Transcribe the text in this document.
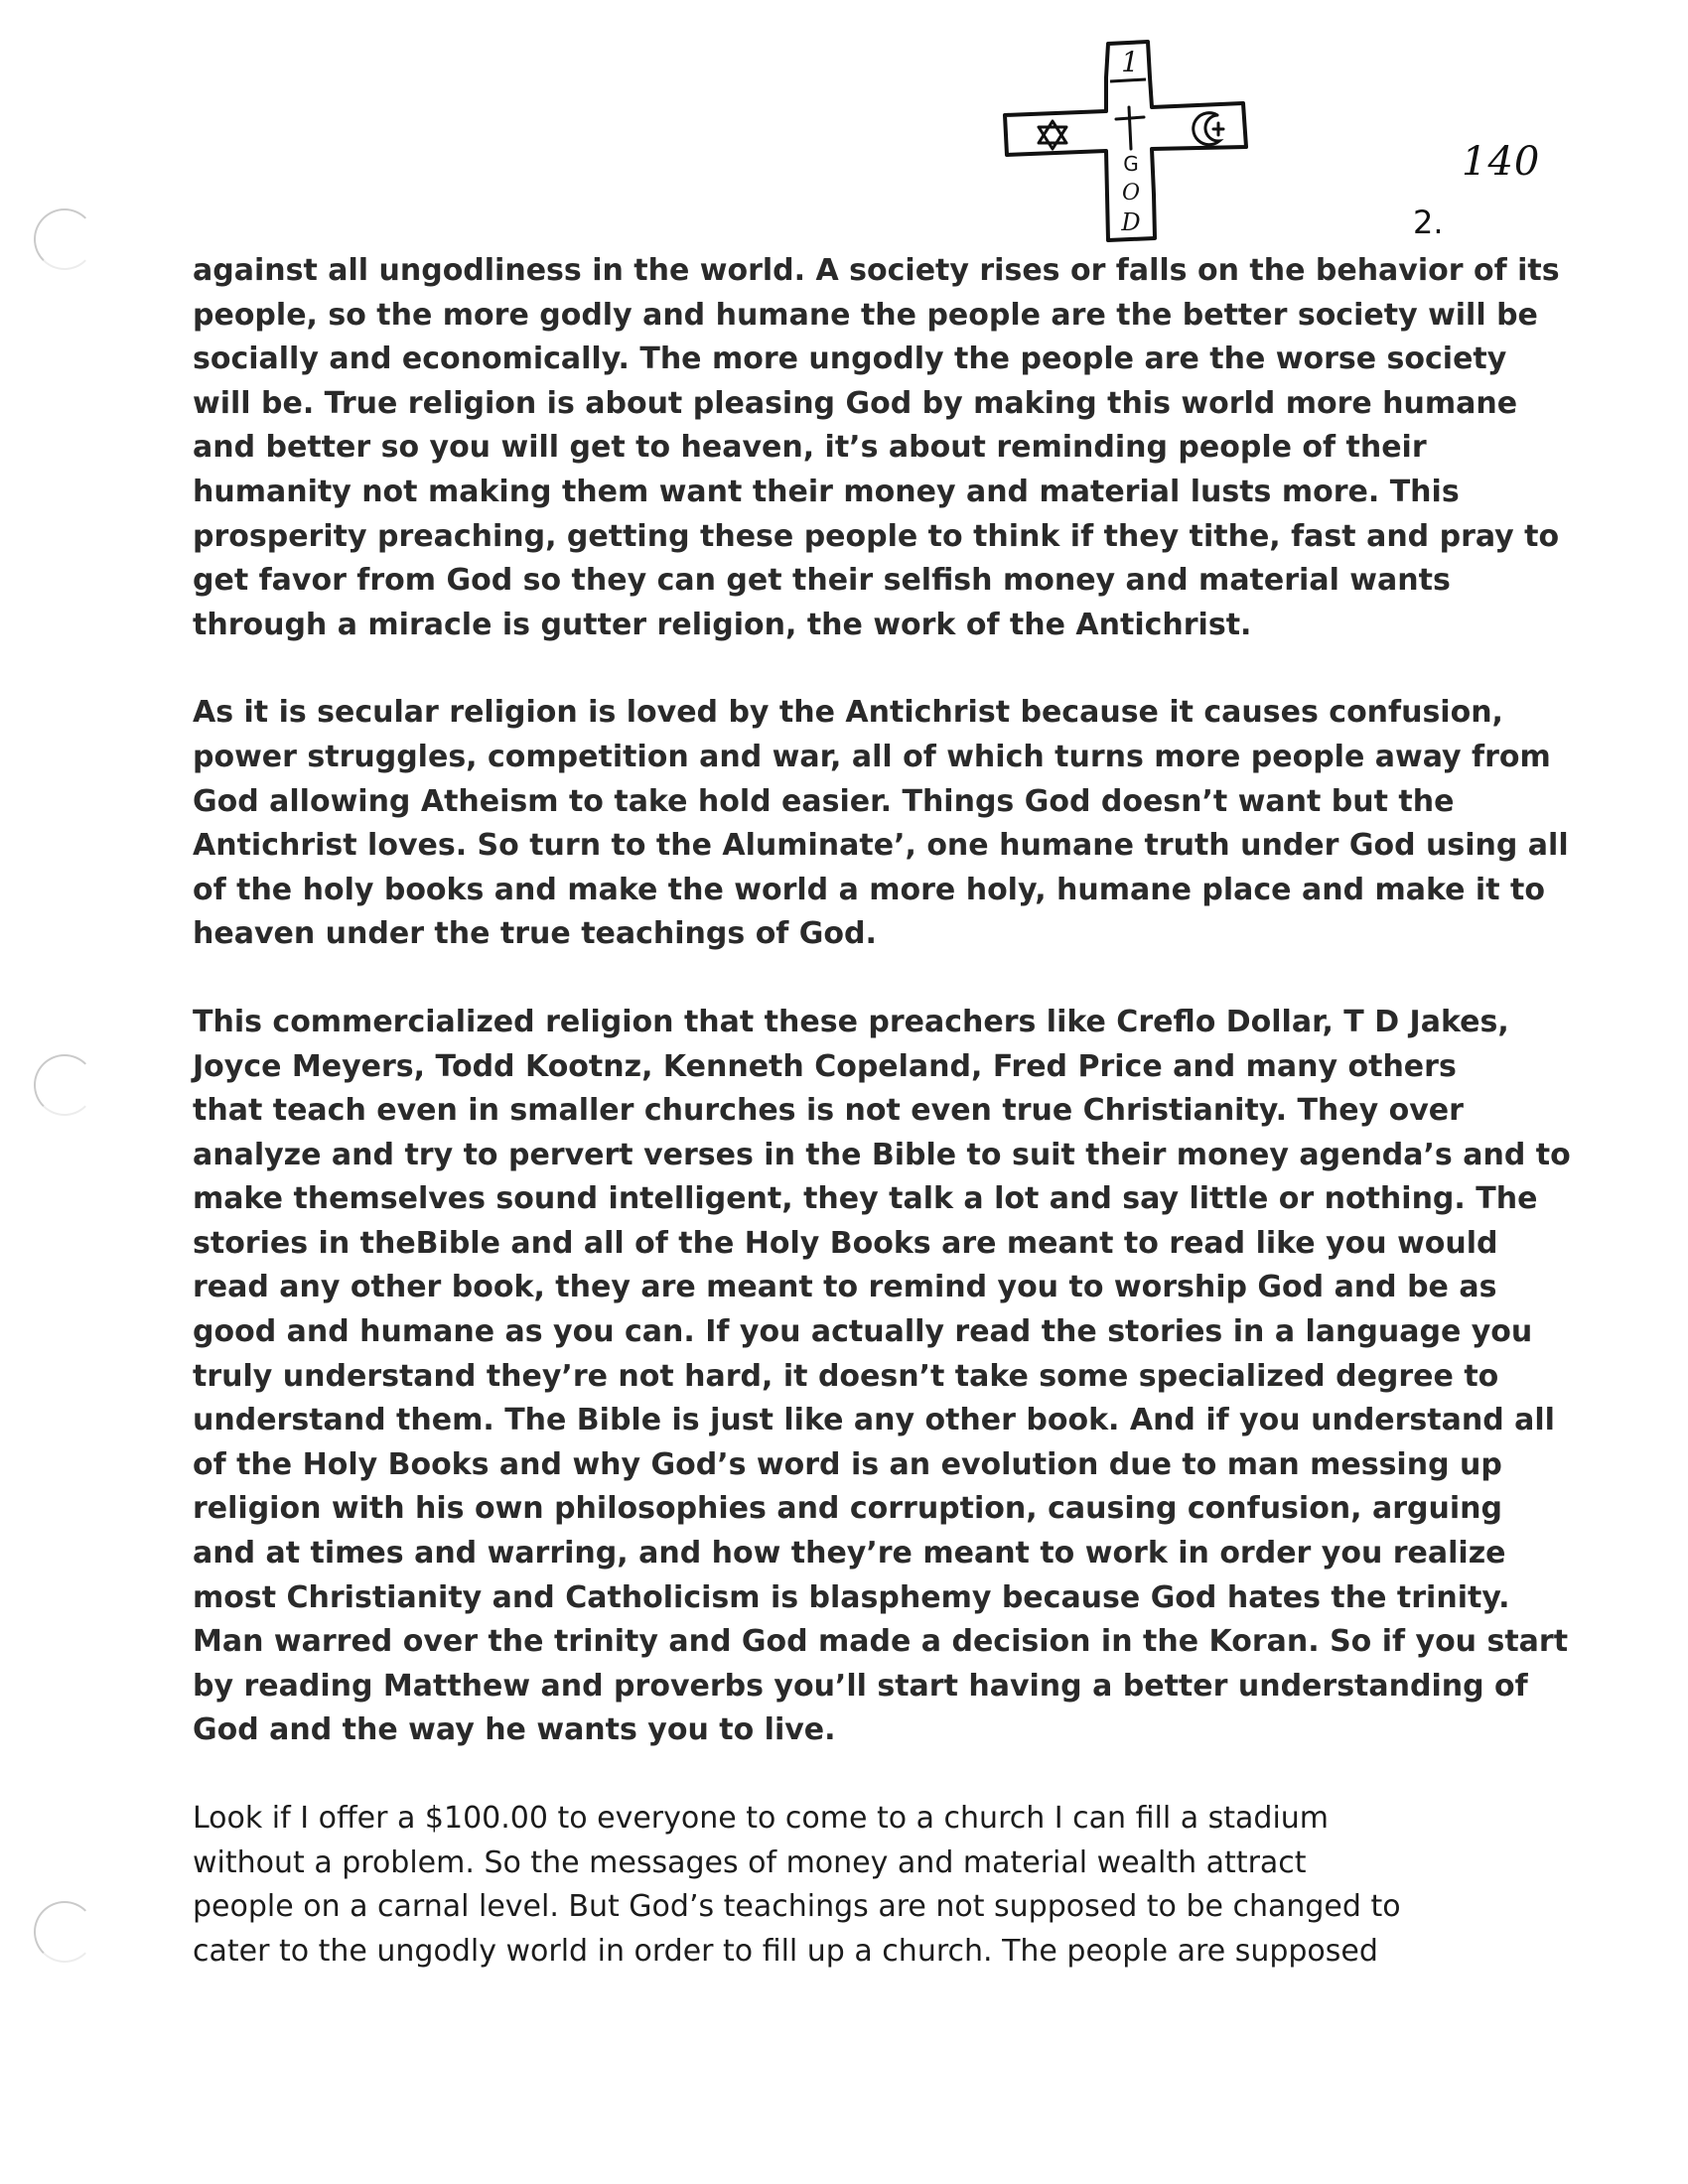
1
G
O
D
140
2.

against all ungodliness in the world. A society rises or falls on the behavior of its
people, so the more godly and humane the people are the better society will be
socially and economically. The more ungodly the people are the worse society
will be. True religion is about pleasing God by making this world more humane
and better so you will get to heaven, it’s about reminding people of their
humanity not making them want their money and material lusts more. This
prosperity preaching, getting these people to think if they tithe, fast and pray to
get favor from God so they can get their selfish money and material wants
through a miracle is gutter religion, the work of the Antichrist.

As it is secular religion is loved by the Antichrist because it causes confusion,
power struggles, competition and war, all of which turns more people away from
God allowing Atheism to take hold easier. Things God doesn’t want but the
Antichrist loves. So turn to the Aluminate’, one humane truth under God using all
of the holy books and make the world a more holy, humane place and make it to
heaven under the true teachings of God.

This commercialized religion that these preachers like Creflo Dollar, T D Jakes,
Joyce Meyers, Todd Kootnz, Kenneth Copeland, Fred Price and many others
that teach even in smaller churches is not even true Christianity. They over
analyze and try to pervert verses in the Bible to suit their money agenda’s and to
make themselves sound intelligent, they talk a lot and say little or nothing. The
stories in theBible and all of the Holy Books are meant to read like you would
read any other book, they are meant to remind you to worship God and be as
good and humane as you can. If you actually read the stories in a language you
truly understand they’re not hard, it doesn’t take some specialized degree to
understand them. The Bible is just like any other book. And if you understand all
of the Holy Books and why God’s word is an evolution due to man messing up
religion with his own philosophies and corruption, causing confusion, arguing
and at times and warring, and how they’re meant to work in order you realize
most Christianity and Catholicism is blasphemy because God hates the trinity.
Man warred over the trinity and God made a decision in the Koran. So if you start
by reading Matthew and proverbs you’ll start having a better understanding of
God and the way he wants you to live.

Look if I offer a $100.00 to everyone to come to a church I can fill a stadium
without a problem. So the messages of money and material wealth attract
people on a carnal level. But God’s teachings are not supposed to be changed to
cater to the ungodly world in order to fill up a church. The people are supposed
